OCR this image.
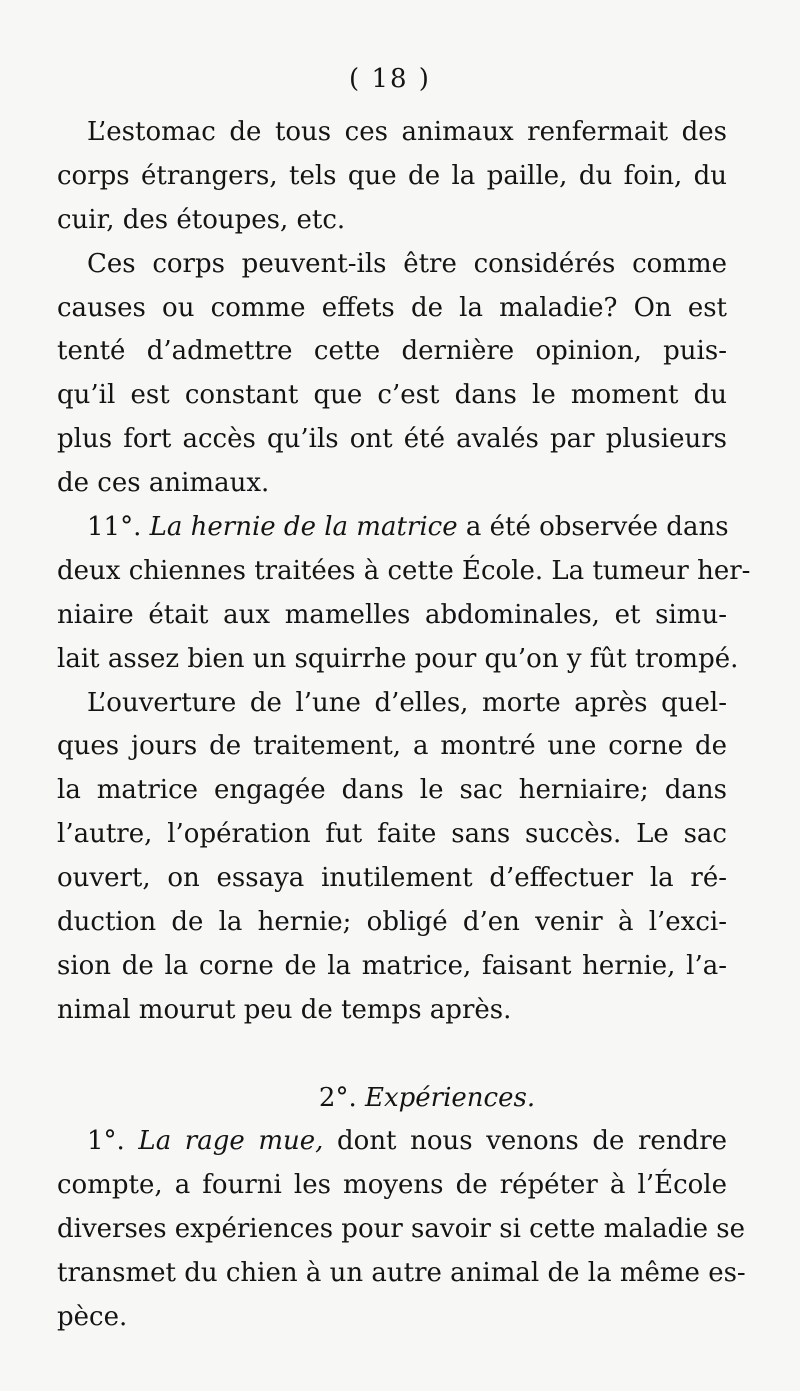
( 18 )
L’estomac de tous ces animaux renfermait des
corps étrangers, tels que de la paille, du foin, du
cuir, des étoupes, etc.
Ces corps peuvent-ils être considérés comme
causes ou comme effets de la maladie? On est
tenté d’admettre cette dernière opinion, puis-
qu’il est constant que c’est dans le moment du
plus fort accès qu’ils ont été avalés par plusieurs
de ces animaux.
11°. La hernie de la matrice a été observée dans
deux chiennes traitées à cette École. La tumeur her-
niaire était aux mamelles abdominales, et simu-
lait assez bien un squirrhe pour qu’on y fût trompé.
L’ouverture de l’une d’elles, morte après quel-
ques jours de traitement, a montré une corne de
la matrice engagée dans le sac herniaire; dans
l’autre, l’opération fut faite sans succès. Le sac
ouvert, on essaya inutilement d’effectuer la ré-
duction de la hernie; obligé d’en venir à l’exci-
sion de la corne de la matrice, faisant hernie, l’a-
nimal mourut peu de temps après.
2°. Expériences.
1°. La rage mue, dont nous venons de rendre
compte, a fourni les moyens de répéter à l’École
diverses expériences pour savoir si cette maladie se
transmet du chien à un autre animal de la même es-
pèce.
